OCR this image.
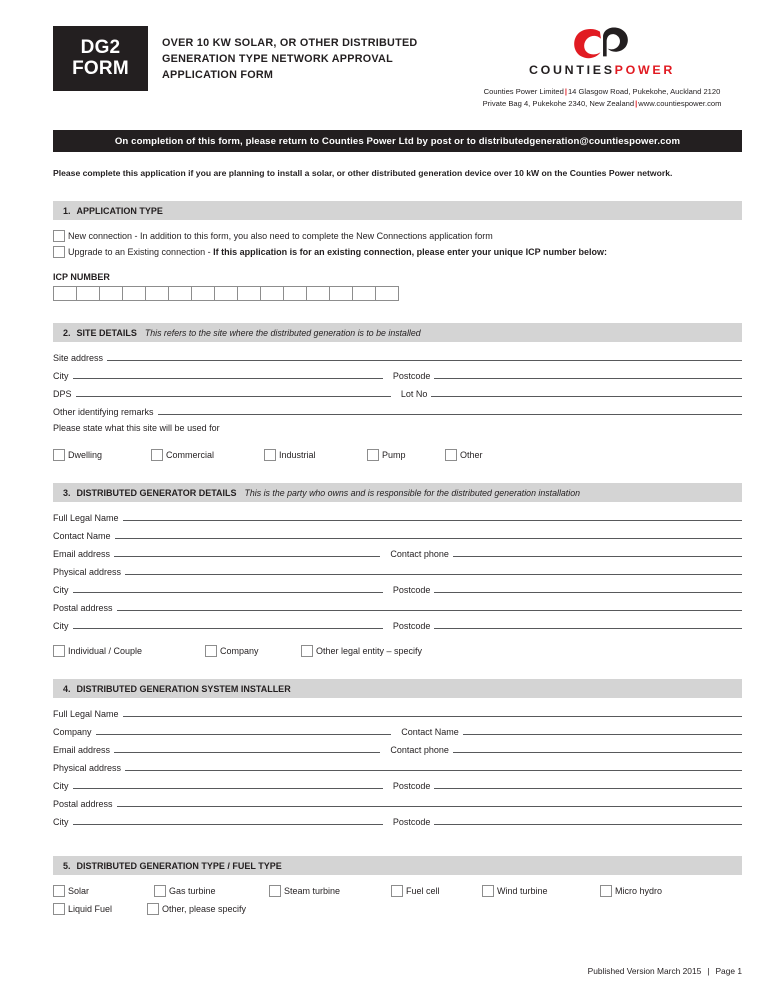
DG2
FORM
OVER 10 KW SOLAR, OR OTHER DISTRIBUTED GENERATION TYPE NETWORK APPROVAL APPLICATION FORM	COUNTIESPOWER
Counties Power Limited|14 Glasgow Road, Pukekohe, Auckland 2120
Private Bag 4, Pukekohe 2340, New Zealand|www.countiespower.com
On completion of this form, please return to Counties Power Ltd by post or to distributedgeneration@countiespower.com
Please complete this application if you are planning to install a solar, or other distributed generation device over 10 kW on the Counties Power network.
1. APPLICATION TYPE
New connection - In addition to this form, you also need to complete the New Connections application form
Upgrade to an Existing connection - If this application is for an existing connection, please enter your unique ICP number below:
ICP NUMBER
2. SITE DETAILS This refers to the site where the distributed generation is to be installed
Site address
City	Postcode
DPS	Lot No
Other identifying remarks
Please state what this site will be used for
Dwelling	Commercial	Industrial	Pump	Other
3. DISTRIBUTED GENERATOR DETAILS This is the party who owns and is responsible for the distributed generation installation
Full Legal Name
Contact Name
Email address	Contact phone
Physical address
City	Postcode
Postal address
City	Postcode
Individual / Couple	Company	Other legal entity – specify
4. DISTRIBUTED GENERATION SYSTEM INSTALLER
Full Legal Name
Company	Contact Name
Email address	Contact phone
Physical address
City	Postcode
Postal address
City	Postcode
5. DISTRIBUTED GENERATION TYPE / FUEL TYPE
Solar	Gas turbine	Steam turbine	Fuel cell	Wind turbine	Micro hydro
Liquid Fuel	Other, please specify
Published Version March 2015 | Page 1
